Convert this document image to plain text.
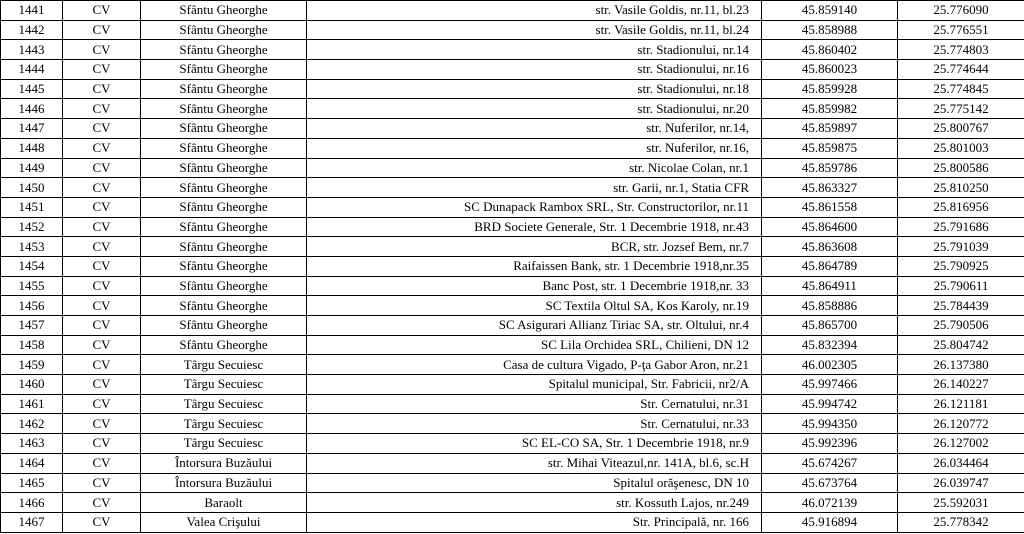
1441	CV	Sfântu Gheorghe	str. Vasile Goldis, nr.11, bl.23	45.859140	25.776090
1442	CV	Sfântu Gheorghe	str. Vasile Goldis, nr.11, bl.24	45.858988	25.776551
1443	CV	Sfântu Gheorghe	str. Stadionului, nr.14	45.860402	25.774803
1444	CV	Sfântu Gheorghe	str. Stadionului, nr.16	45.860023	25.774644
1445	CV	Sfântu Gheorghe	str. Stadionului, nr.18	45.859928	25.774845
1446	CV	Sfântu Gheorghe	str. Stadionului, nr.20	45.859982	25.775142
1447	CV	Sfântu Gheorghe	str. Nuferilor, nr.14,	45.859897	25.800767
1448	CV	Sfântu Gheorghe	str. Nuferilor, nr.16,	45.859875	25.801003
1449	CV	Sfântu Gheorghe	str. Nicolae Colan, nr.1	45.859786	25.800586
1450	CV	Sfântu Gheorghe	str. Garii, nr.1, Statia CFR	45.863327	25.810250
1451	CV	Sfântu Gheorghe	SC Dunapack Rambox SRL, Str. Constructorilor, nr.11	45.861558	25.816956
1452	CV	Sfântu Gheorghe	BRD Societe Generale, Str. 1 Decembrie 1918, nr.43	45.864600	25.791686
1453	CV	Sfântu Gheorghe	BCR, str. Jozsef Bem, nr.7	45.863608	25.791039
1454	CV	Sfântu Gheorghe	Raifaissen Bank, str. 1 Decembrie 1918,nr.35	45.864789	25.790925
1455	CV	Sfântu Gheorghe	Banc Post, str. 1 Decembrie 1918,nr. 33	45.864911	25.790611
1456	CV	Sfântu Gheorghe	SC Textila Oltul SA, Kos Karoly, nr.19	45.858886	25.784439
1457	CV	Sfântu Gheorghe	SC Asigurari Allianz Tiriac SA, str. Oltului, nr.4	45.865700	25.790506
1458	CV	Sfântu Gheorghe	SC Lila Orchidea SRL, Chilieni, DN 12	45.832394	25.804742
1459	CV	Târgu Secuiesc	Casa de cultura Vigado, P-ţa Gabor Aron, nr.21	46.002305	26.137380
1460	CV	Târgu Secuiesc	Spitalul municipal, Str. Fabricii, nr2/A	45.997466	26.140227
1461	CV	Târgu Secuiesc	Str. Cernatului, nr.31	45.994742	26.121181
1462	CV	Târgu Secuiesc	Str. Cernatului, nr.33	45.994350	26.120772
1463	CV	Târgu Secuiesc	SC EL-CO SA, Str. 1 Decembrie 1918, nr.9	45.992396	26.127002
1464	CV	Întorsura Buzăului	str. Mihai Viteazul,nr. 141A, bl.6, sc.H	45.674267	26.034464
1465	CV	Întorsura Buzăului	Spitalul orăşenesc, DN 10	45.673764	26.039747
1466	CV	Baraolt	str. Kossuth Lajos, nr.249	46.072139	25.592031
1467	CV	Valea Crişului	Str. Principală, nr. 166	45.916894	25.778342
